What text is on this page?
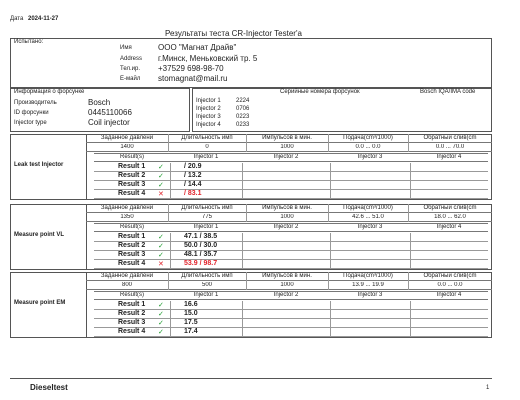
Дата 2024-11-27
Результаты теста CR-Injector Tester'а
Испытано:
Имя	ООО "Магнат Драйв"
Address г.Минск, Меньковский тр. 5
Тел.ир. +37529 698-98-70
E-майл stomagnat@mail.ru
Информация о форсунке
Производитель	Bosch
ID форсунки	0445110066
Injector type	Coil injector
Серийные номера форсунок	Bosch IQA/IMA code
Injector 1	2224
Injector 2	0706
Injector 3	0223
Injector 4	0233
Leak test Injector
Заданное давлени
1400
Длительность имп
0
Импульсов в мин.
1000
Подача(cm³/1000)
0.0 ... 0.0
Обратный слив(cm
0.0 ... 70.0
Result(s)	Injector 1	Injector 2	Injector 3	Injector 4
Result 1 ✓	/ 20.9
Result 2 ✓	/ 13.2
Result 3 ✓	/ 14.4
Result 4 ✕	/ 83.1
Measure point VL
Заданное давлени
1350
Длительность имп
775
Импульсов в мин.
1000
Подача(cm³/1000)
42.6 ... 51.0
Обратный слив(cm
18.0 ... 62.0
Result(s)	Injector 1	Injector 2	Injector 3	Injector 4
Result 1 ✓	47.1 / 38.5
Result 2 ✓	50.0 / 30.0
Result 3 ✓	48.1 / 35.7
Result 4 ✕	53.9 / 98.7
Measure point EM
Заданное давлени
800
Длительность имп
500
Импульсов в мин.
1000
Подача(cm³/1000)
13.9 ... 19.9
Обратный слив(cm
0.0 ... 0.0
Result(s)	Injector 1	Injector 2	Injector 3	Injector 4
Result 1 ✓	16.6
Result 2 ✓	15.0
Result 3 ✓	17.5
Result 4 ✓	17.4
Dieseltest	1
